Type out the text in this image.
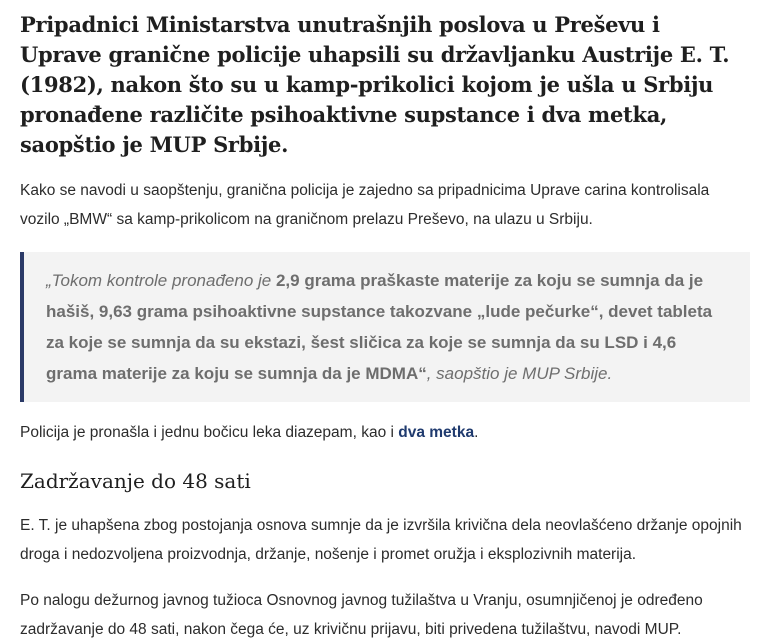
Pripadnici Ministarstva unutrašnjih poslova u Preševu i Uprave granične policije uhapsili su državljanku Austrije E. T. (1982), nakon što su u kamp-prikolici kojom je ušla u Srbiju pronađene različite psihoaktivne supstance i dva metka, saopštio je MUP Srbije.

Kako se navodi u saopštenju, granična policija je zajedno sa pripadnicima Uprave carina kontrolisala vozilo „BMW“ sa kamp-prikolicom na graničnom prelazu Preševo, na ulazu u Srbiju.

„Tokom kontrole pronađeno je 2,9 grama praškaste materije za koju se sumnja da je hašiš, 9,63 grama psihoaktivne supstance takozvane „lude pečurke“, devet tableta za koje se sumnja da su ekstazi, šest sličica za koje se sumnja da su LSD i 4,6 grama materije za koju se sumnja da je MDMA“, saopštio je MUP Srbije.

Policija je pronašla i jednu bočicu leka diazepam, kao i dva metka.

Zadržavanje do 48 sati

E. T. je uhapšena zbog postojanja osnova sumnje da je izvršila krivična dela neovlašćeno držanje opojnih droga i nedozvoljena proizvodnja, držanje, nošenje i promet oružja i eksplozivnih materija.

Po nalogu dežurnog javnog tužioca Osnovnog javnog tužilaštva u Vranju, osumnjičenoj je određeno zadržavanje do 48 sati, nakon čega će, uz krivičnu prijavu, biti privedena tužilaštvu, navodi MUP.
